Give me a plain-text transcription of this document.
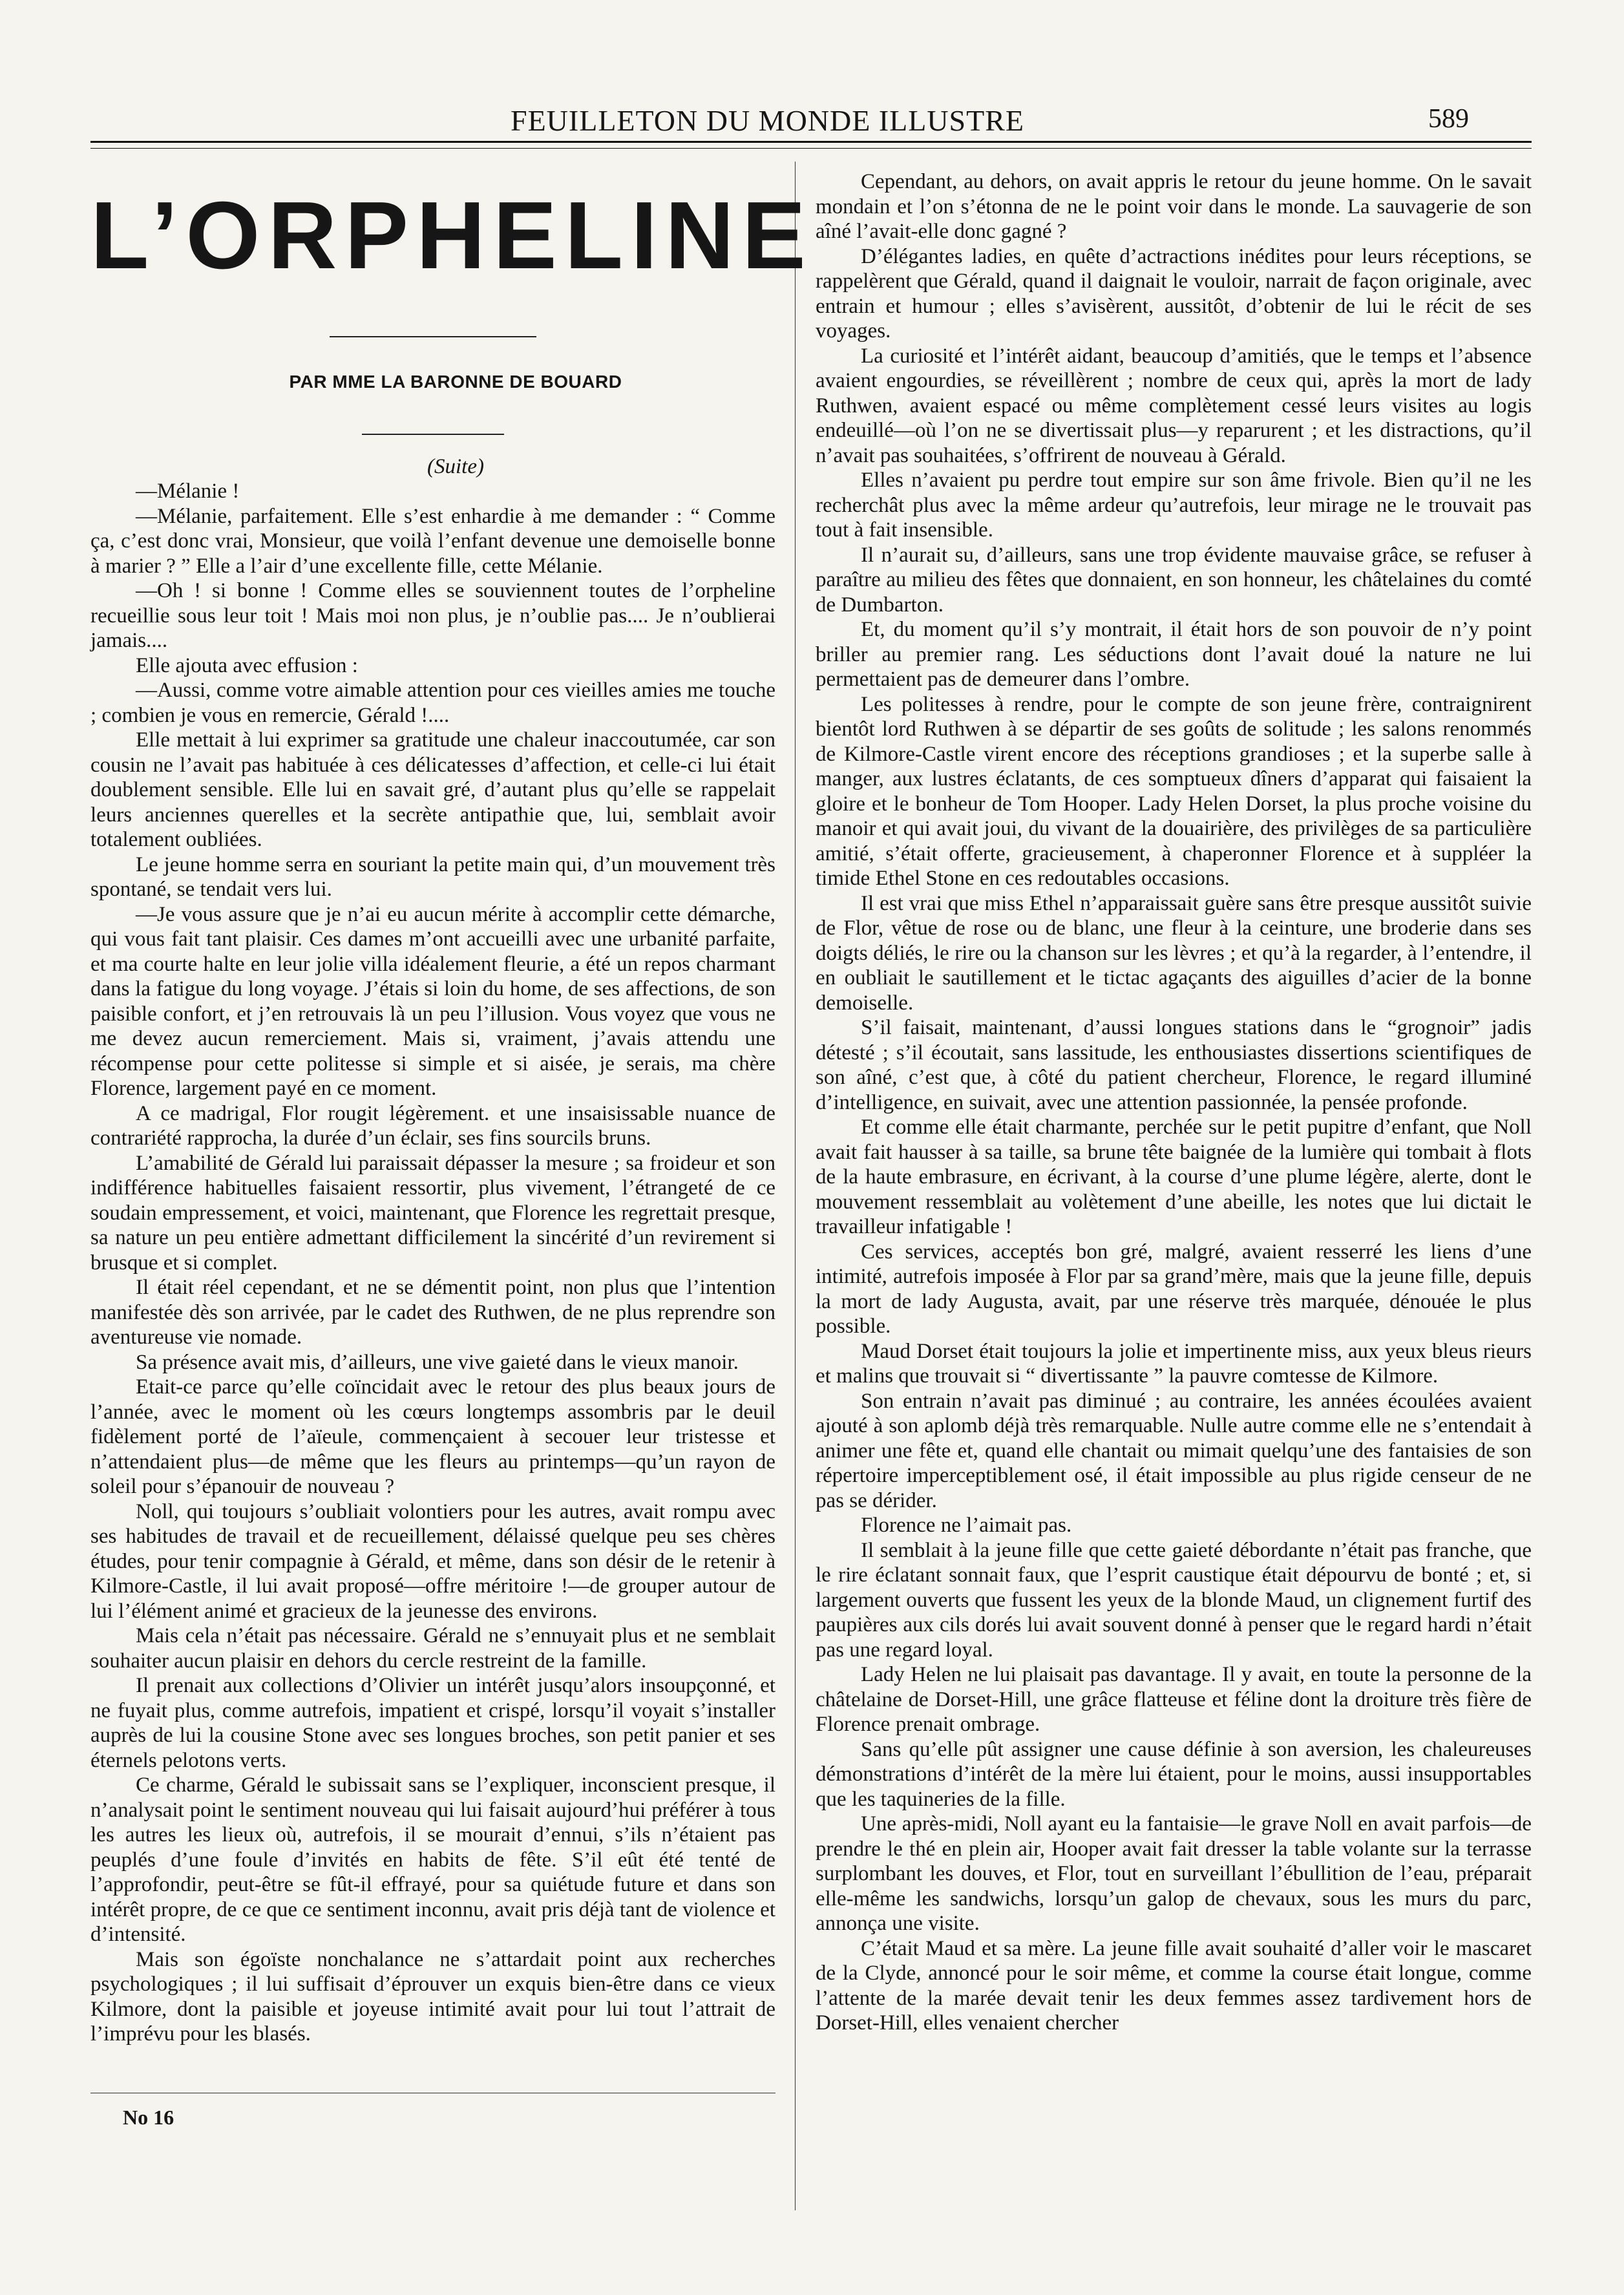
FEUILLETON DU MONDE ILLUSTRE	589
L’ORPHELINE

PAR MME LA BARONNE DE BOUARD

(Suite)

—Mélanie !

—Mélanie, parfaitement. Elle s’est enhardie à me demander : “ Comme ça, c’est donc vrai, Monsieur, que voilà l’enfant devenue une demoiselle bonne à marier ? ” Elle a l’air d’une excellente fille, cette Mélanie.

—Oh ! si bonne ! Comme elles se souviennent toutes de l’orpheline recueillie sous leur toit ! Mais moi non plus, je n’oublie pas.... Je n’oublierai jamais....

Elle ajouta avec effusion :

—Aussi, comme votre aimable attention pour ces vieilles amies me touche ; combien je vous en remercie, Gérald !....

Elle mettait à lui exprimer sa gratitude une chaleur inaccoutumée, car son cousin ne l’avait pas habituée à ces délicatesses d’affection, et celle-ci lui était doublement sensible. Elle lui en savait gré, d’autant plus qu’elle se rappelait leurs anciennes querelles et la secrète antipathie que, lui, semblait avoir totalement oubliées.

Le jeune homme serra en souriant la petite main qui, d’un mouvement très spontané, se tendait vers lui.

—Je vous assure que je n’ai eu aucun mérite à accomplir cette démarche, qui vous fait tant plaisir. Ces dames m’ont accueilli avec une urbanité parfaite, et ma courte halte en leur jolie villa idéalement fleurie, a été un repos charmant dans la fatigue du long voyage. J’étais si loin du home, de ses affections, de son paisible confort, et j’en retrouvais là un peu l’illusion. Vous voyez que vous ne me devez aucun remerciement. Mais si, vraiment, j’avais attendu une récompense pour cette politesse si simple et si aisée, je serais, ma chère Florence, largement payé en ce moment.

A ce madrigal, Flor rougit légèrement. et une insaisissable nuance de contrariété rapprocha, la durée d’un éclair, ses fins sourcils bruns.

L’amabilité de Gérald lui paraissait dépasser la mesure ; sa froideur et son indifférence habituelles faisaient ressortir, plus vivement, l’étrangeté de ce soudain empressement, et voici, maintenant, que Florence les regrettait presque, sa nature un peu entière admettant difficilement la sincérité d’un revirement si brusque et si complet.

Il était réel cependant, et ne se démentit point, non plus que l’intention manifestée dès son arrivée, par le cadet des Ruthwen, de ne plus reprendre son aventureuse vie nomade.

Sa présence avait mis, d’ailleurs, une vive gaieté dans le vieux manoir.

Etait-ce parce qu’elle coïncidait avec le retour des plus beaux jours de l’année, avec le moment où les cœurs longtemps assombris par le deuil fidèlement porté de l’aïeule, commençaient à secouer leur tristesse et n’attendaient plus—de même que les fleurs au printemps—qu’un rayon de soleil pour s’épanouir de nouveau ?

Noll, qui toujours s’oubliait volontiers pour les autres, avait rompu avec ses habitudes de travail et de recueillement, délaissé quelque peu ses chères études, pour tenir compagnie à Gérald, et même, dans son désir de le retenir à Kilmore-Castle, il lui avait proposé—offre méritoire !—de grouper autour de lui l’élément animé et gracieux de la jeunesse des environs.

Mais cela n’était pas nécessaire. Gérald ne s’ennuyait plus et ne semblait souhaiter aucun plaisir en dehors du cercle restreint de la famille.

Il prenait aux collections d’Olivier un intérêt jusqu’alors insoupçonné, et ne fuyait plus, comme autrefois, impatient et crispé, lorsqu’il voyait s’installer auprès de lui la cousine Stone avec ses longues broches, son petit panier et ses éternels pelotons verts.

Ce charme, Gérald le subissait sans se l’expliquer, inconscient presque, il n’analysait point le sentiment nouveau qui lui faisait aujourd’hui préférer à tous les autres les lieux où, autrefois, il se mourait d’ennui, s’ils n’étaient pas peuplés d’une foule d’invités en habits de fête. S’il eût été tenté de l’approfondir, peut-être se fût-il effrayé, pour sa quiétude future et dans son intérêt propre, de ce que ce sentiment inconnu, avait pris déjà tant de violence et d’intensité.

Mais son égoïste nonchalance ne s’attardait point aux recherches psychologiques ; il lui suffisait d’éprouver un exquis bien-être dans ce vieux Kilmore, dont la paisible et joyeuse intimité avait pour lui tout l’attrait de l’imprévu pour les blasés.

Cependant, au dehors, on avait appris le retour du jeune homme. On le savait mondain et l’on s’étonna de ne le point voir dans le monde. La sauvagerie de son aîné l’avait-elle donc gagné ?

D’élégantes ladies, en quête d’actractions inédites pour leurs réceptions, se rappelèrent que Gérald, quand il daignait le vouloir, narrait de façon originale, avec entrain et humour ; elles s’avisèrent, aussitôt, d’obtenir de lui le récit de ses voyages.

La curiosité et l’intérêt aidant, beaucoup d’amitiés, que le temps et l’absence avaient engourdies, se réveillèrent ; nombre de ceux qui, après la mort de lady Ruthwen, avaient espacé ou même complètement cessé leurs visites au logis endeuillé—où l’on ne se divertissait plus—y reparurent ; et les distractions, qu’il n’avait pas souhaitées, s’offrirent de nouveau à Gérald.

Elles n’avaient pu perdre tout empire sur son âme frivole. Bien qu’il ne les recherchât plus avec la même ardeur qu’autrefois, leur mirage ne le trouvait pas tout à fait insensible.

Il n’aurait su, d’ailleurs, sans une trop évidente mauvaise grâce, se refuser à paraître au milieu des fêtes que donnaient, en son honneur, les châtelaines du comté de Dumbarton.

Et, du moment qu’il s’y montrait, il était hors de son pouvoir de n’y point briller au premier rang. Les séductions dont l’avait doué la nature ne lui permettaient pas de demeurer dans l’ombre.

Les politesses à rendre, pour le compte de son jeune frère, contraignirent bientôt lord Ruthwen à se départir de ses goûts de solitude ; les salons renommés de Kilmore-Castle virent encore des réceptions grandioses ; et la superbe salle à manger, aux lustres éclatants, de ces somptueux dîners d’apparat qui faisaient la gloire et le bonheur de Tom Hooper. Lady Helen Dorset, la plus proche voisine du manoir et qui avait joui, du vivant de la douairière, des privilèges de sa particulière amitié, s’était offerte, gracieusement, à chaperonner Florence et à suppléer la timide Ethel Stone en ces redoutables occasions.

Il est vrai que miss Ethel n’apparaissait guère sans être presque aussitôt suivie de Flor, vêtue de rose ou de blanc, une fleur à la ceinture, une broderie dans ses doigts déliés, le rire ou la chanson sur les lèvres ; et qu’à la regarder, à l’entendre, il en oubliait le sautillement et le tictac agaçants des aiguilles d’acier de la bonne demoiselle.

S’il faisait, maintenant, d’aussi longues stations dans le “grognoir” jadis détesté ; s’il écoutait, sans lassitude, les enthousiastes dissertions scientifiques de son aîné, c’est que, à côté du patient chercheur, Florence, le regard illuminé d’intelligence, en suivait, avec une attention passionnée, la pensée profonde.

Et comme elle était charmante, perchée sur le petit pupitre d’enfant, que Noll avait fait hausser à sa taille, sa brune tête baignée de la lumière qui tombait à flots de la haute embrasure, en écrivant, à la course d’une plume légère, alerte, dont le mouvement ressemblait au volètement d’une abeille, les notes que lui dictait le travailleur infatigable !

Ces services, acceptés bon gré, malgré, avaient resserré les liens d’une intimité, autrefois imposée à Flor par sa grand’mère, mais que la jeune fille, depuis la mort de lady Augusta, avait, par une réserve très marquée, dénouée le plus possible.

Maud Dorset était toujours la jolie et impertinente miss, aux yeux bleus rieurs et malins que trouvait si “ divertissante ” la pauvre comtesse de Kilmore.

Son entrain n’avait pas diminué ; au contraire, les années écoulées avaient ajouté à son aplomb déjà très remarquable. Nulle autre comme elle ne s’entendait à animer une fête et, quand elle chantait ou mimait quelqu’une des fantaisies de son répertoire imperceptiblement osé, il était impossible au plus rigide censeur de ne pas se dérider.

Florence ne l’aimait pas.

Il semblait à la jeune fille que cette gaieté débordante n’était pas franche, que le rire éclatant sonnait faux, que l’esprit caustique était dépourvu de bonté ; et, si largement ouverts que fussent les yeux de la blonde Maud, un clignement furtif des paupières aux cils dorés lui avait souvent donné à penser que le regard hardi n’était pas une regard loyal.

Lady Helen ne lui plaisait pas davantage. Il y avait, en toute la personne de la châtelaine de Dorset-Hill, une grâce flatteuse et féline dont la droiture très fière de Florence prenait ombrage.

Sans qu’elle pût assigner une cause définie à son aversion, les chaleureuses démonstrations d’intérêt de la mère lui étaient, pour le moins, aussi insupportables que les taquineries de la fille.

Une après-midi, Noll ayant eu la fantaisie—le grave Noll en avait parfois—de prendre le thé en plein air, Hooper avait fait dresser la table volante sur la terrasse surplombant les douves, et Flor, tout en surveillant l’ébullition de l’eau, préparait elle-même les sandwichs, lorsqu’un galop de chevaux, sous les murs du parc, annonça une visite.

C’était Maud et sa mère. La jeune fille avait souhaité d’aller voir le mascaret de la Clyde, annoncé pour le soir même, et comme la course était longue, comme l’attente de la marée devait tenir les deux femmes assez tardivement hors de Dorset-Hill, elles venaient chercher

No 16
